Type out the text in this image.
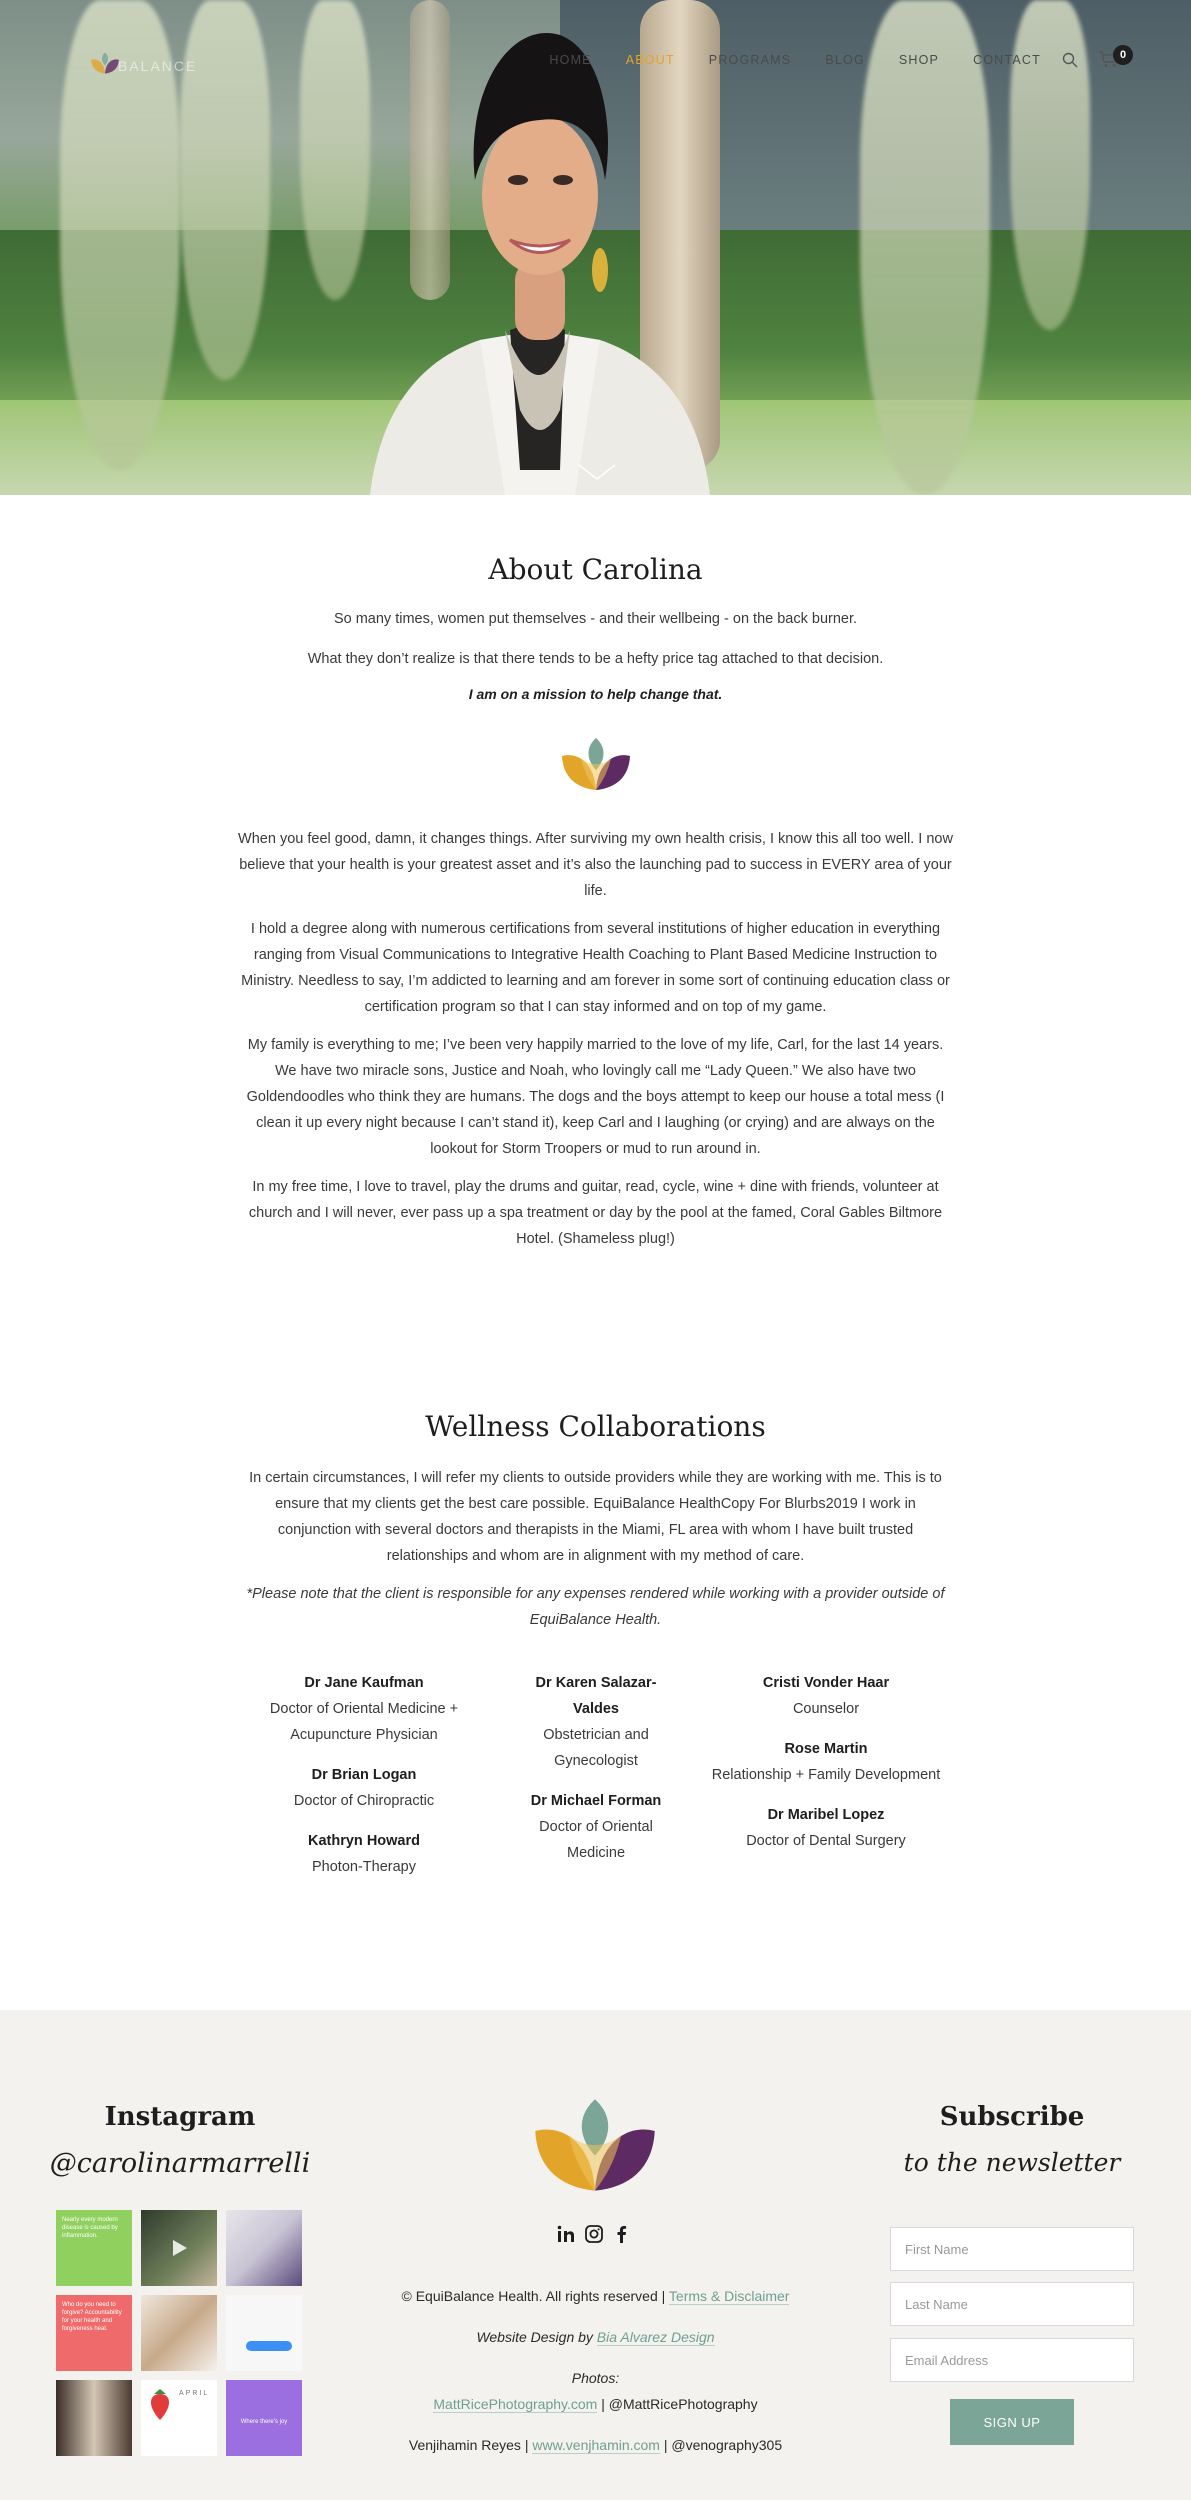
BALANCE	HOME	ABOUT	PROGRAMS	BLOG	SHOP	CONTACT	0
About Carolina

So many times, women put themselves - and their wellbeing - on the back burner.

What they don’t realize is that there tends to be a hefty price tag attached to that decision.

I am on a mission to help change that.

When you feel good, damn, it changes things. After surviving my own health crisis, I know this all too well. I now believe that your health is your greatest asset and it’s also the launching pad to success in EVERY area of your life.

I hold a degree along with numerous certifications from several institutions of higher education in everything ranging from Visual Communications to Integrative Health Coaching to Plant Based Medicine Instruction to Ministry. Needless to say, I’m addicted to learning and am forever in some sort of continuing education class or certification program so that I can stay informed and on top of my game.

My family is everything to me; I’ve been very happily married to the love of my life, Carl, for the last 14 years. We have two miracle sons, Justice and Noah, who lovingly call me “Lady Queen.” We also have two Goldendoodles who think they are humans. The dogs and the boys attempt to keep our house a total mess (I clean it up every night because I can’t stand it), keep Carl and I laughing (or crying) and are always on the lookout for Storm Troopers or mud to run around in.

In my free time, I love to travel, play the drums and guitar, read, cycle, wine + dine with friends, volunteer at church and I will never, ever pass up a spa treatment or day by the pool at the famed, Coral Gables Biltmore Hotel. (Shameless plug!)

Wellness Collaborations

In certain circumstances, I will refer my clients to outside providers while they are working with me. This is to ensure that my clients get the best care possible. EquiBalance HealthCopy For Blurbs2019 I work in conjunction with several doctors and therapists in the Miami, FL area with whom I have built trusted relationships and whom are in alignment with my method of care.

*Please note that the client is responsible for any expenses rendered while working with a provider outside of EquiBalance Health.

Dr Jane Kaufman
Doctor of Oriental Medicine + Acupuncture Physician
Dr Brian Logan
Doctor of Chiropractic
Kathryn Howard
Photon-Therapy
Dr Karen Salazar-Valdes
Obstetrician and Gynecologist
Dr Michael Forman
Doctor of Oriental Medicine
Cristi Vonder Haar
Counselor
Rose Martin
Relationship + Family Development
Dr Maribel Lopez
Doctor of Dental Surgery
Instagram
@carolinarmarrelli
Nearly every modern disease is caused by inflammation.
Who do you need to forgive? Accountability for your health and forgiveness heal.
APRIL
Where there's joy
© EquiBalance Health. All rights reserved | Terms & Disclaimer
Website Design by Bia Alvarez Design
Photos:
MattRicePhotography.com | @MattRicePhotography
Venjihamin Reyes | www.venjhamin.com | @venography305
Subscribe
to the newsletter
First Name
Last Name
Email Address
SIGN UP
